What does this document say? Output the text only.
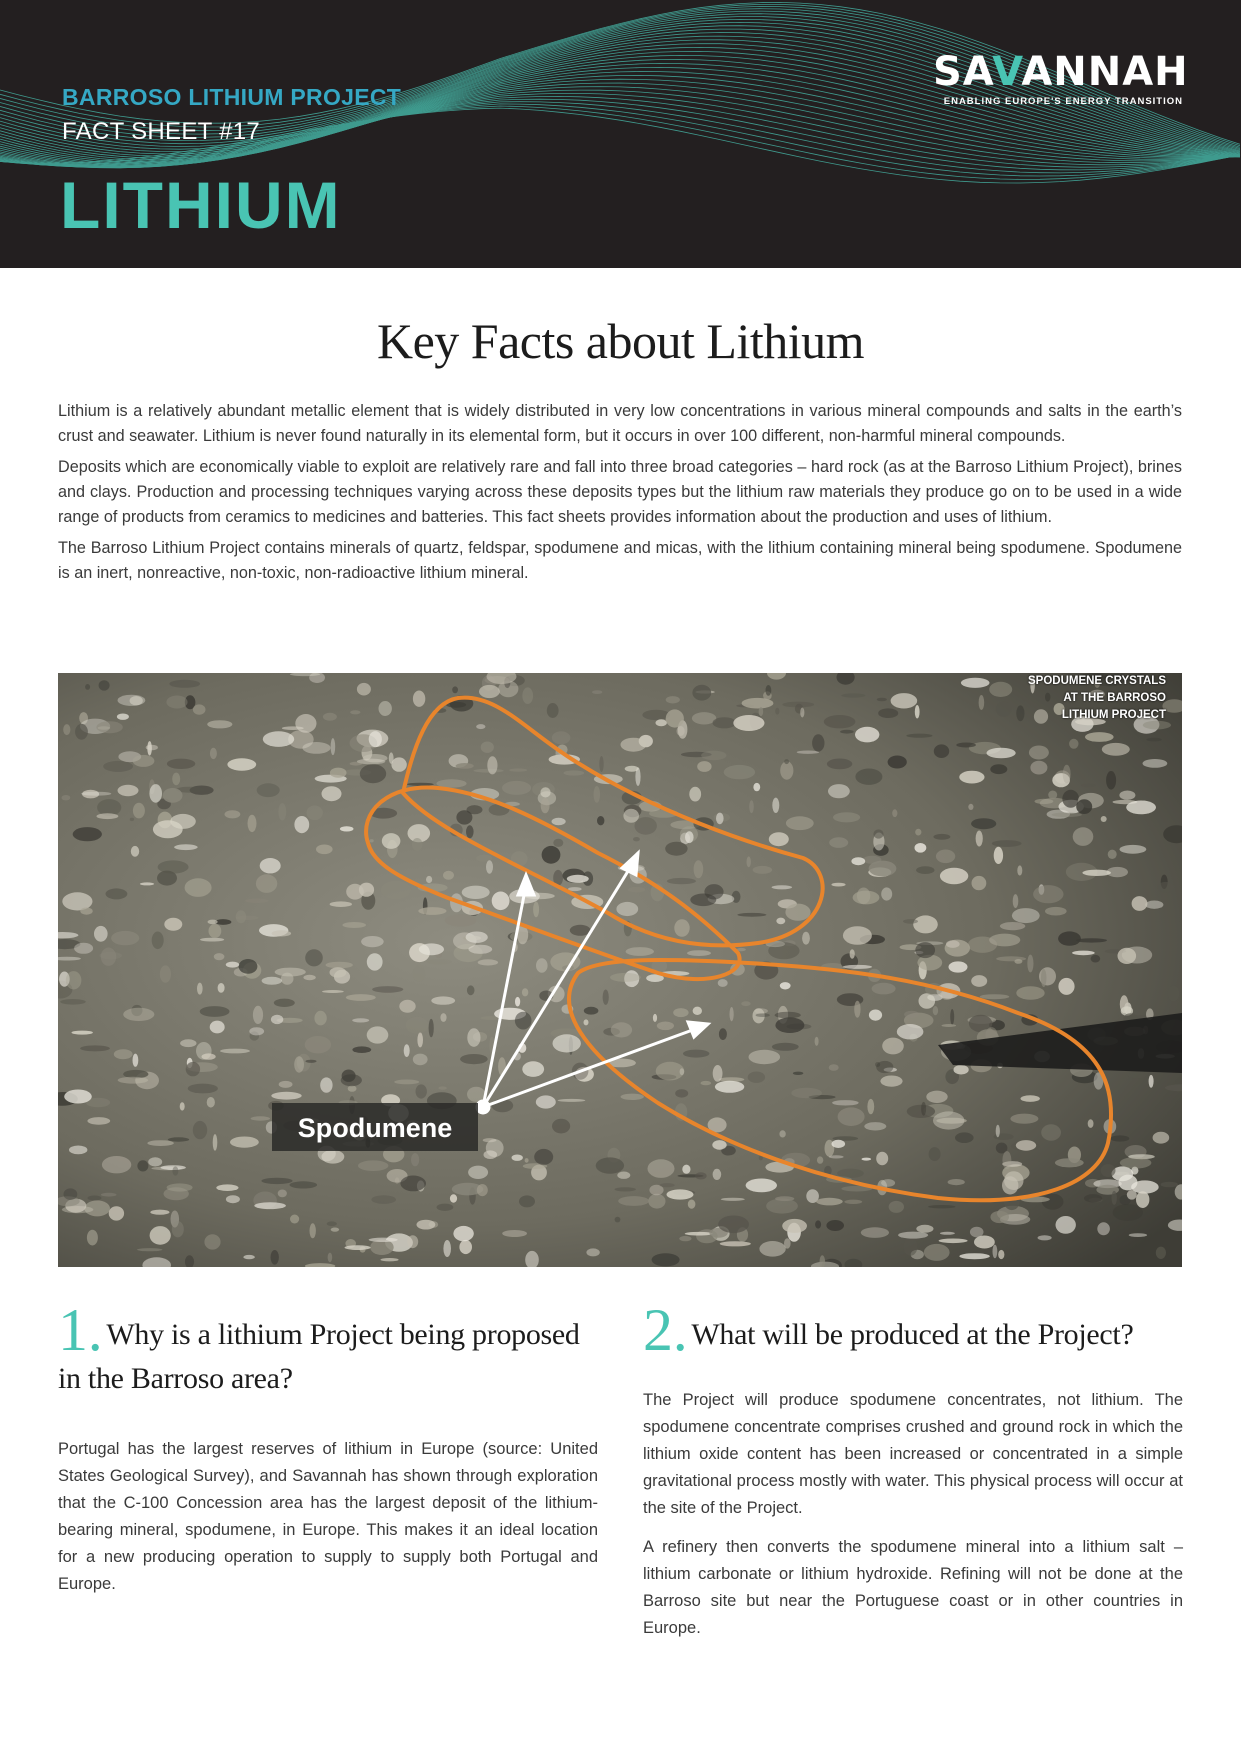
BARROSO LITHIUM PROJECT
FACT SHEET #17
LITHIUM
SAVANNAH
ENABLING EUROPE'S ENERGY TRANSITION
Key Facts about Lithium

Lithium is a relatively abundant metallic element that is widely distributed in very low concentrations in various mineral compounds and salts in the earth’s crust and seawater. Lithium is never found naturally in its elemental form, but it occurs in over 100 different, non-harmful mineral compounds.

Deposits which are economically viable to exploit are relatively rare and fall into three broad categories – hard rock (as at the Barroso Lithium Project), brines and clays. Production and processing techniques varying across these deposits types but the lithium raw materials they produce go on to be used in a wide range of products from ceramics to medicines and batteries. This fact sheets provides information about the production and uses of lithium.

The Barroso Lithium Project contains minerals of quartz, feldspar, spodumene and micas, with the lithium containing mineral being spodumene. Spodumene is an inert, nonreactive, non-toxic, non-radioactive lithium mineral.

Spodumene
SPODUMENE CRYSTALS AT THE BARROSO LITHIUM PROJECT
1. Why is a lithium Project being proposed in the Barroso area?

Portugal has the largest reserves of lithium in Europe (source: United States Geological Survey), and Savannah has shown through exploration that the C-100 Concession area has the largest deposit of the lithium-bearing mineral, spodumene, in Europe. This makes it an ideal location for a new producing operation to supply to supply both Portugal and Europe.

2. What will be produced at the Project?

The Project will produce spodumene concentrates, not lithium. The spodumene concentrate comprises crushed and ground rock in which the lithium oxide content has been increased or concentrated in a simple gravitational process mostly with water. This physical process will occur at the site of the Project.

A refinery then converts the spodumene mineral into a lithium salt – lithium carbonate or lithium hydroxide. Refining will not be done at the Barroso site but near the Portuguese coast or in other countries in Europe.
